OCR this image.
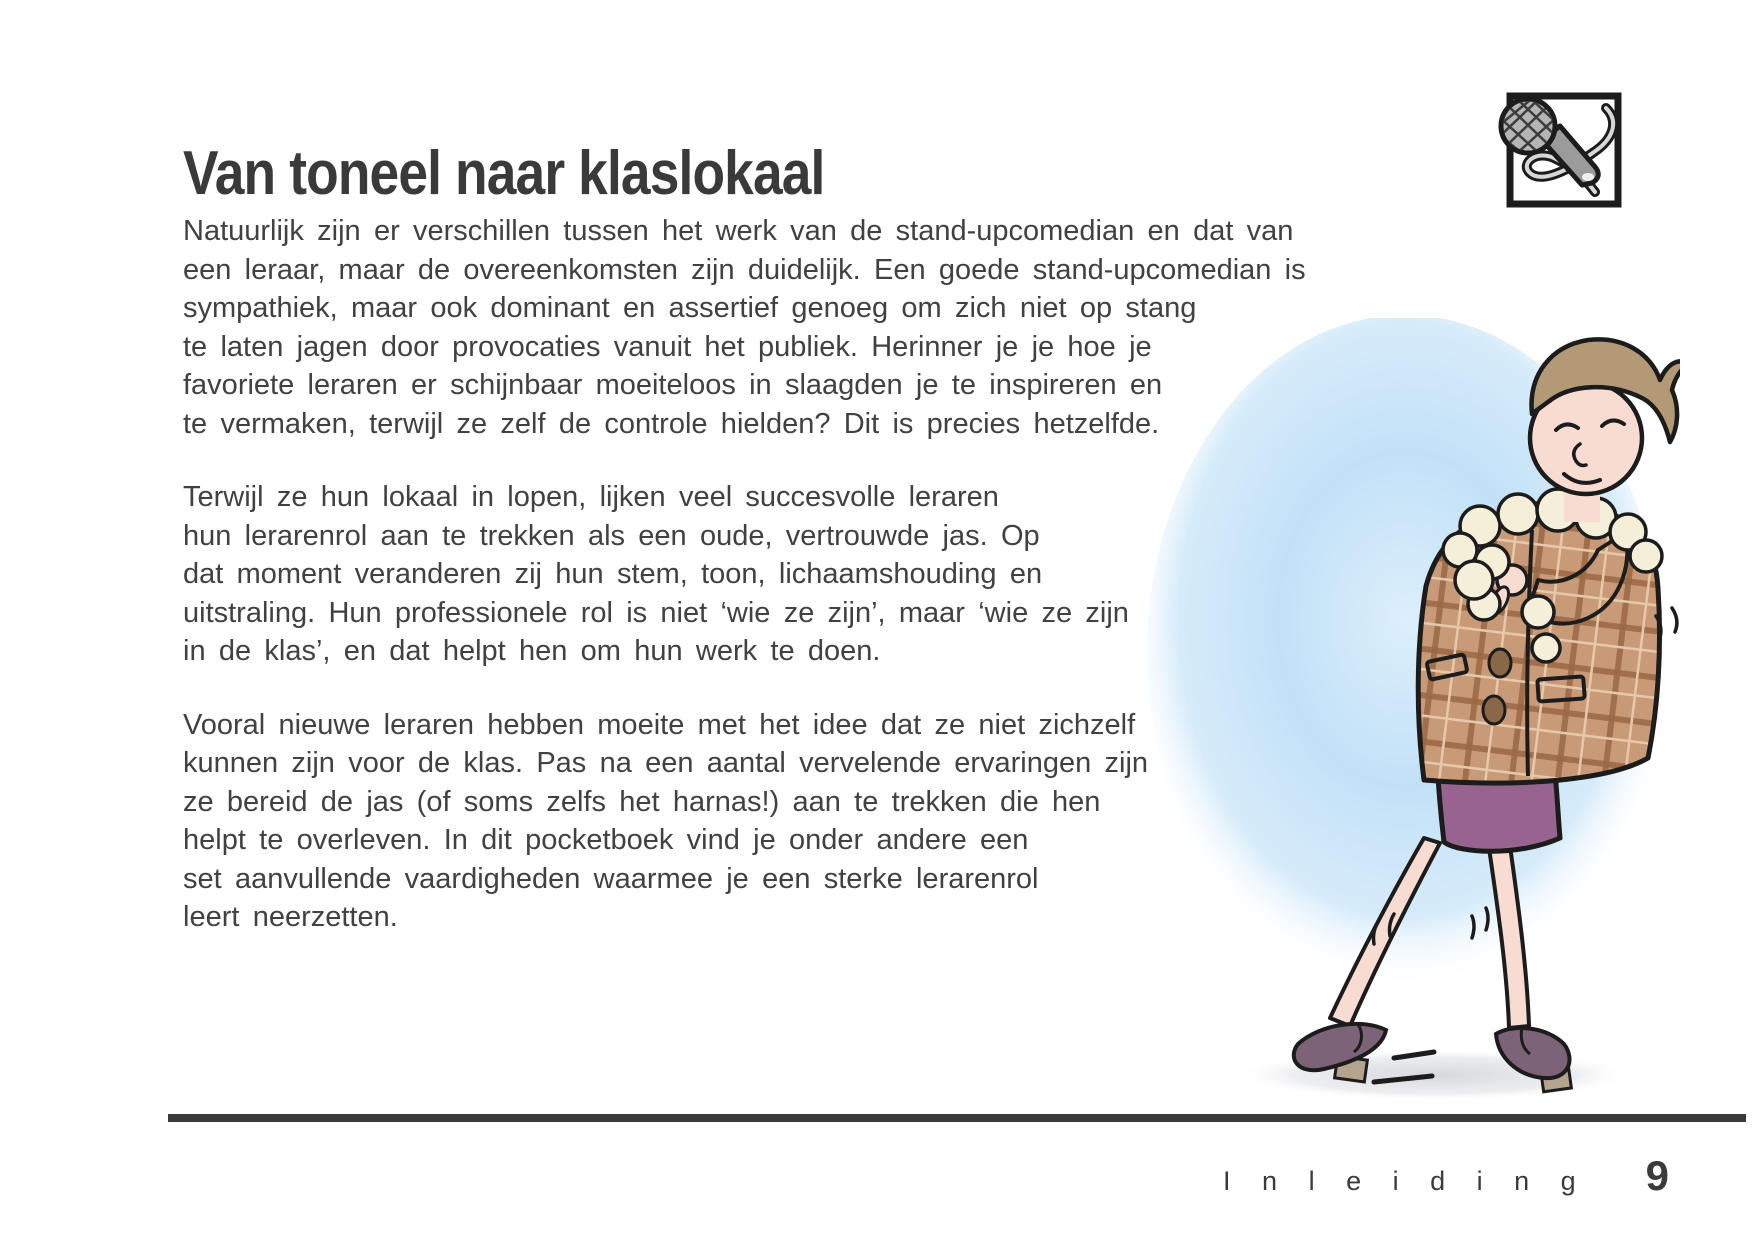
Van toneel naar klaslokaal

Natuurlijk zijn er verschillen tussen het werk van de stand-upcomedian en dat van
een leraar, maar de overeenkomsten zijn duidelijk. Een goede stand-upcomedian is
sympathiek, maar ook dominant en assertief genoeg om zich niet op stang
te laten jagen door provocaties vanuit het publiek. Herinner je je hoe je
favoriete leraren er schijnbaar moeiteloos in slaagden je te inspireren en
te vermaken, terwijl ze zelf de controle hielden? Dit is precies hetzelfde.

Terwijl ze hun lokaal in lopen, lijken veel succesvolle leraren
hun lerarenrol aan te trekken als een oude, vertrouwde jas. Op
dat moment veranderen zij hun stem, toon, lichaamshouding en
uitstraling. Hun professionele rol is niet ‘wie ze zijn’, maar ‘wie ze zijn
in de klas’, en dat helpt hen om hun werk te doen.

Vooral nieuwe leraren hebben moeite met het idee dat ze niet zichzelf
kunnen zijn voor de klas. Pas na een aantal vervelende ervaringen zijn
ze bereid de jas (of soms zelfs het harnas!) aan te trekken die hen
helpt te overleven. In dit pocketboek vind je onder andere een
set aanvullende vaardigheden waarmee je een sterke lerarenrol
leert neerzetten.

I n l e i d i n g 9
